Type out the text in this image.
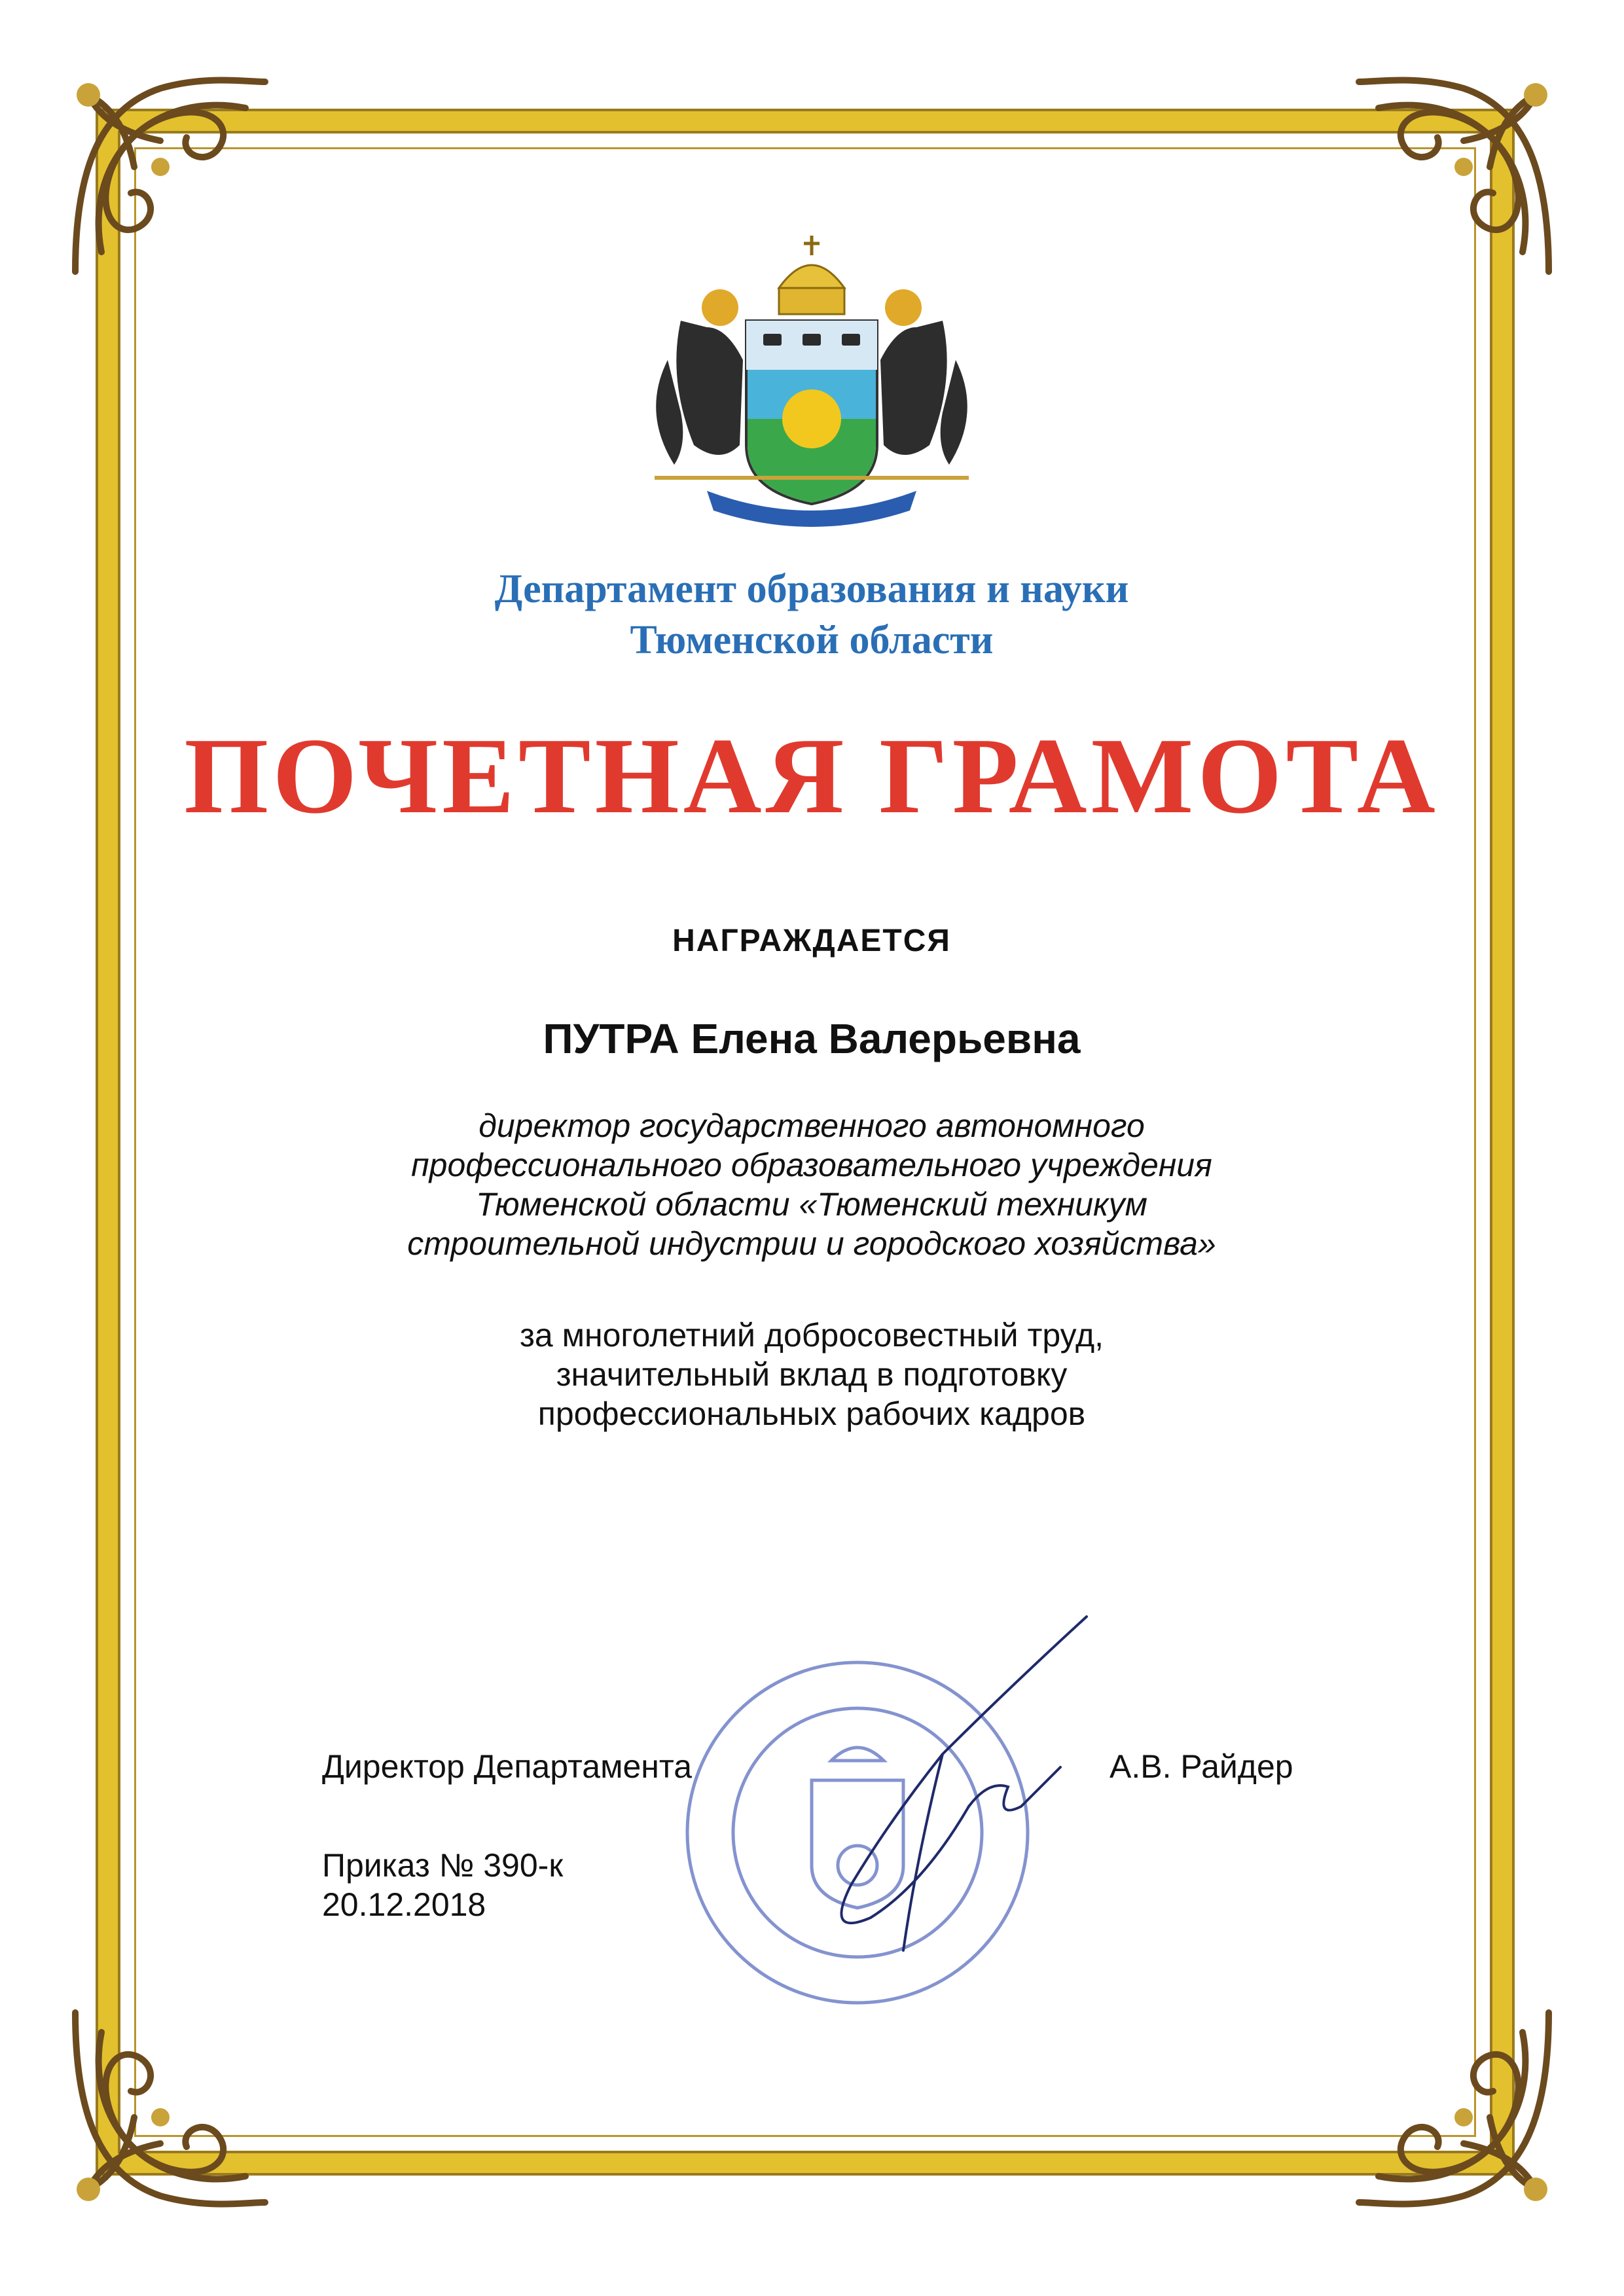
Департамент образования и науки
Тюменской области
ПОЧЕТНАЯ ГРАМОТА
НАГРАЖДАЕТСЯ
ПУТРА Елена Валерьевна
директор государственного автономного
профессионального образовательного учреждения
Тюменской области «Тюменский техникум
строительной индустрии и городского хозяйства»
за многолетний добросовестный труд,
значительный вклад в подготовку
профессиональных рабочих кадров
Директор Департамента	А.В. Райдер
Приказ № 390-к
20.12.2018
